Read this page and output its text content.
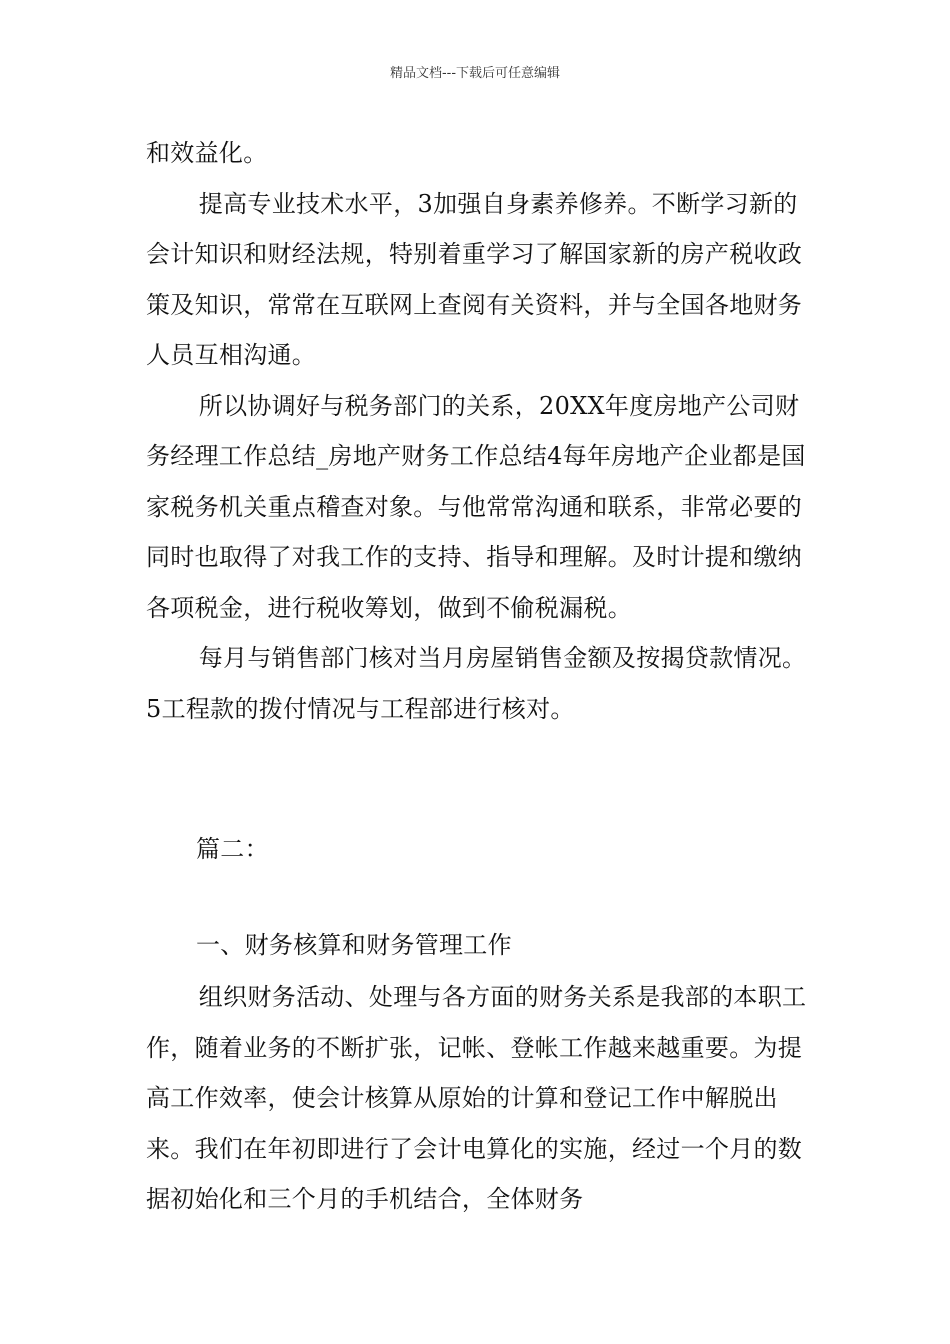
精品文档---下载后可任意编辑

和效益化。

提高专业技术水平，3加强自身素养修养。不断学习新的会计知识和财经法规，特别着重学习了解国家新的房产税收政策及知识，常常在互联网上查阅有关资料，并与全国各地财务人员互相沟通。

所以协调好与税务部门的关系，20XX年度房地产公司财务经理工作总结_房地产财务工作总结4每年房地产企业都是国家税务机关重点稽查对象。与他常常沟通和联系，非常必要的同时也取得了对我工作的支持、指导和理解。及时计提和缴纳各项税金，进行税收筹划，做到不偷税漏税。

每月与销售部门核对当月房屋销售金额及按揭贷款情况。5工程款的拨付情况与工程部进行核对。

篇二：
一、财务核算和财务管理工作

组织财务活动、处理与各方面的财务关系是我部的本职工作，随着业务的不断扩张，记帐、登帐工作越来越重要。为提高工作效率，使会计核算从原始的计算和登记工作中解脱出来。我们在年初即进行了会计电算化的实施，经过一个月的数据初始化和三个月的手机结合，全体财务
